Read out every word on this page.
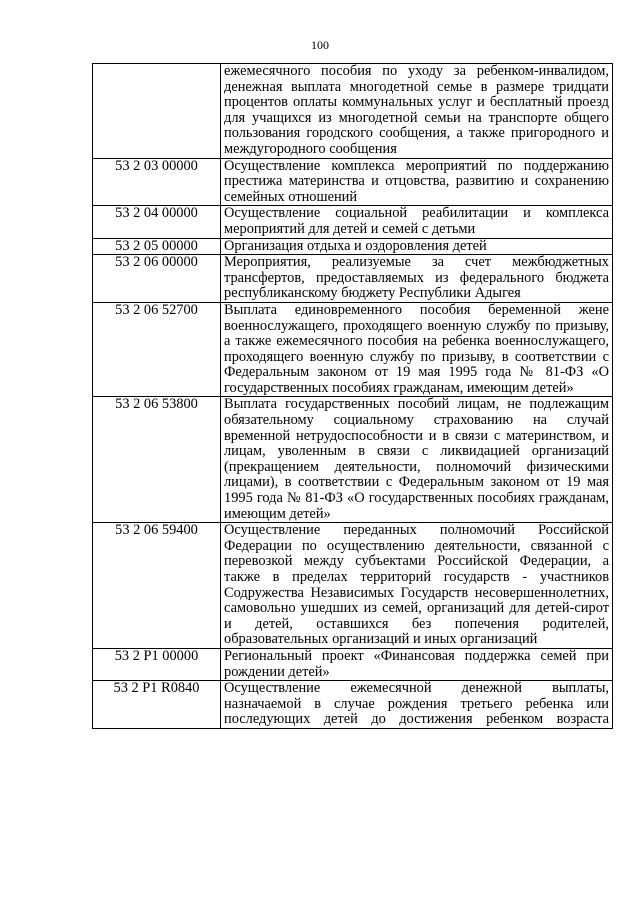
100
	ежемесячного пособия по уходу за ребенком-инвалидом, денежная выплата многодетной семье в размере тридцати процентов оплаты коммунальных услуг и бесплатный проезд для учащихся из многодетной семьи на транспорте общего пользования городского сообщения, а также пригородного и междугородного сообщения
53 2 03 00000	Осуществление комплекса мероприятий по поддержанию престижа материнства и отцовства, развитию и сохранению семейных отношений
53 2 04 00000	Осуществление социальной реабилитации и комплекса мероприятий для детей и семей с детьми
53 2 05 00000	Организация отдыха и оздоровления детей
53 2 06 00000	Мероприятия, реализуемые за счет межбюджетных трансфертов, предоставляемых из федерального бюджета республиканскому бюджету Республики Адыгея
53 2 06 52700	Выплата единовременного пособия беременной жене военнослужащего, проходящего военную службу по призыву, а также ежемесячного пособия на ребенка военнослужащего, проходящего военную службу по призыву, в соответствии с Федеральным законом от 19 мая 1995 года № 81-ФЗ «О государственных пособиях гражданам, имеющим детей»
53 2 06 53800	Выплата государственных пособий лицам, не подлежащим обязательному социальному страхованию на случай временной нетрудоспособности и в связи с материнством, и лицам, уволенным в связи с ликвидацией организаций (прекращением деятельности, полномочий физическими лицами), в соответствии с Федеральным законом от 19 мая 1995 года № 81-ФЗ «О государственных пособиях гражданам, имеющим детей»
53 2 06 59400	Осуществление переданных полномочий Российской Федерации по осуществлению деятельности, связанной с перевозкой между субъектами Российской Федерации, а также в пределах территорий государств - участников Содружества Независимых Государств несовершеннолетних, самовольно ушедших из семей, организаций для детей-сирот и детей, оставшихся без попечения родителей, образовательных организаций и иных организаций
53 2 P1 00000	Региональный проект «Финансовая поддержка семей при рождении детей»
53 2 P1 R0840	Осуществление ежемесячной денежной выплаты, назначаемой в случае рождения третьего ребенка или последующих детей до достижения ребенком возраста
